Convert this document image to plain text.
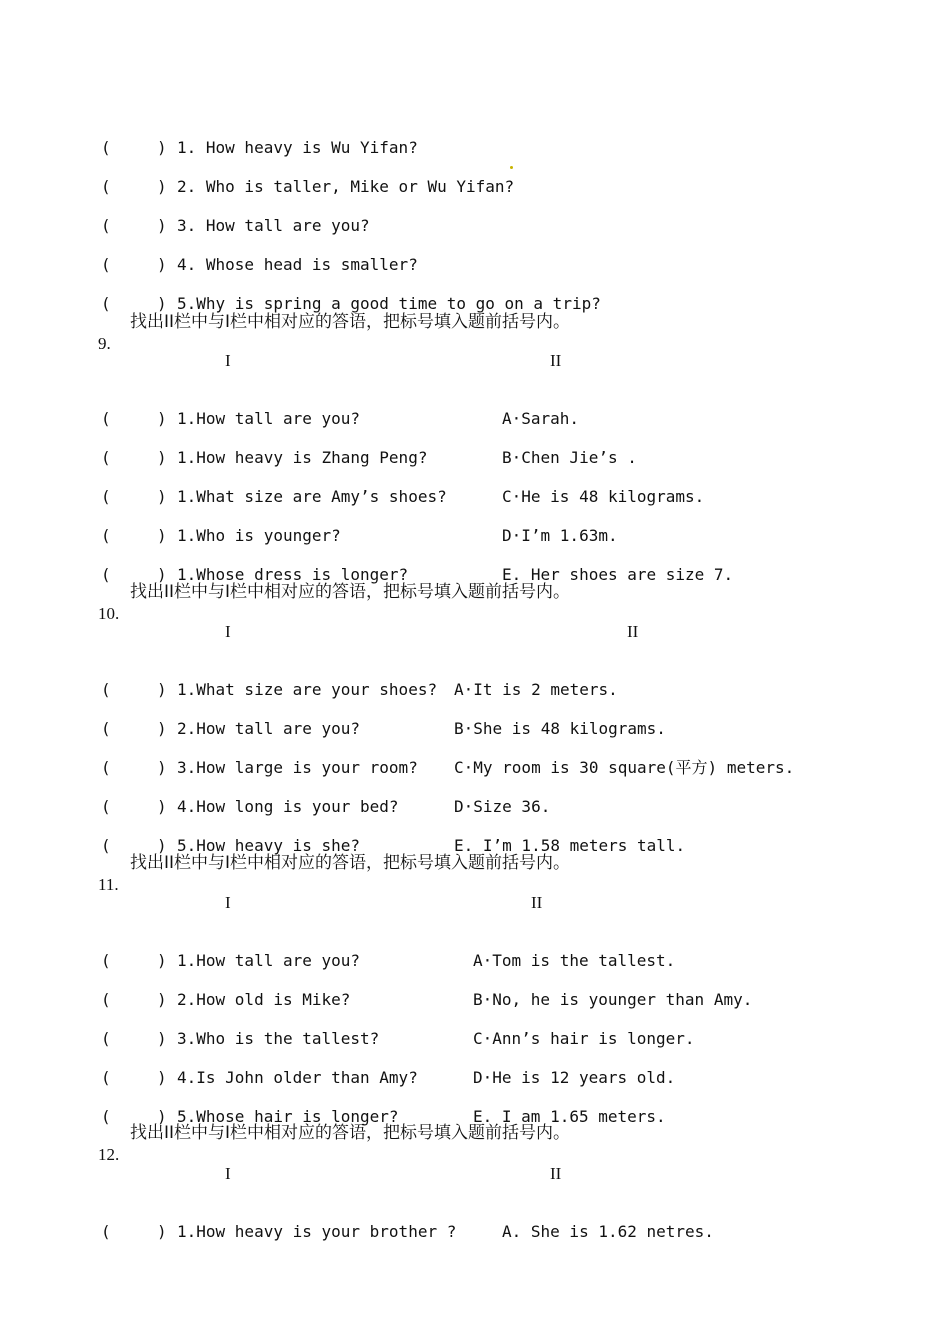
(	) 1. How heavy is Wu Yifan?

(	) 2. Who is taller, Mike or Wu Yifan?

(	) 3. How tall are you?

(	) 4. Whose head is smaller?

(	) 5.Why is spring a good time to go on a trip?

9.

找出II栏中与I栏中相对应的答语，把标号填入题前括号内。

I	II

(	) 1.How tall are you?	A·Sarah.

(	) 1.How heavy is Zhang Peng?	B·Chen Jie’s .

(	) 1.What size are Amy’s shoes?	C·He is 48 kilograms.

(	) 1.Who is younger?	D·I’m 1.63m.

(	) 1.Whose dress is longer?	E. Her shoes are size 7.

10.

找出II栏中与I栏中相对应的答语，把标号填入题前括号内。

I	II

(	) 1.What size are your shoes? A·It is 2 meters.

(	) 2.How tall are you?	B·She is 48 kilograms.

(	) 3.How large is your room? C·My room is 30 square(平方) meters.

(	) 4.How long is your bed?	D·Size 36.

(	) 5.How heavy is she?	E. I’m 1.58 meters tall.

11.

找出II栏中与I栏中相对应的答语，把标号填入题前括号内。

I	II

(	) 1.How tall are you?	A·Tom is the tallest.

(	) 2.How old is Mike?	B·No, he is younger than Amy.

(	) 3.Who is the tallest?	C·Ann’s hair is longer.

(	) 4.Is John older than Amy?	D·He is 12 years old.

(	) 5.Whose hair is longer?	E. I am 1.65 meters.

12.

找出II栏中与I栏中相对应的答语，把标号填入题前括号内。

I	II

(	) 1.How heavy is your brother ?	A. She is 1.62 netres.
